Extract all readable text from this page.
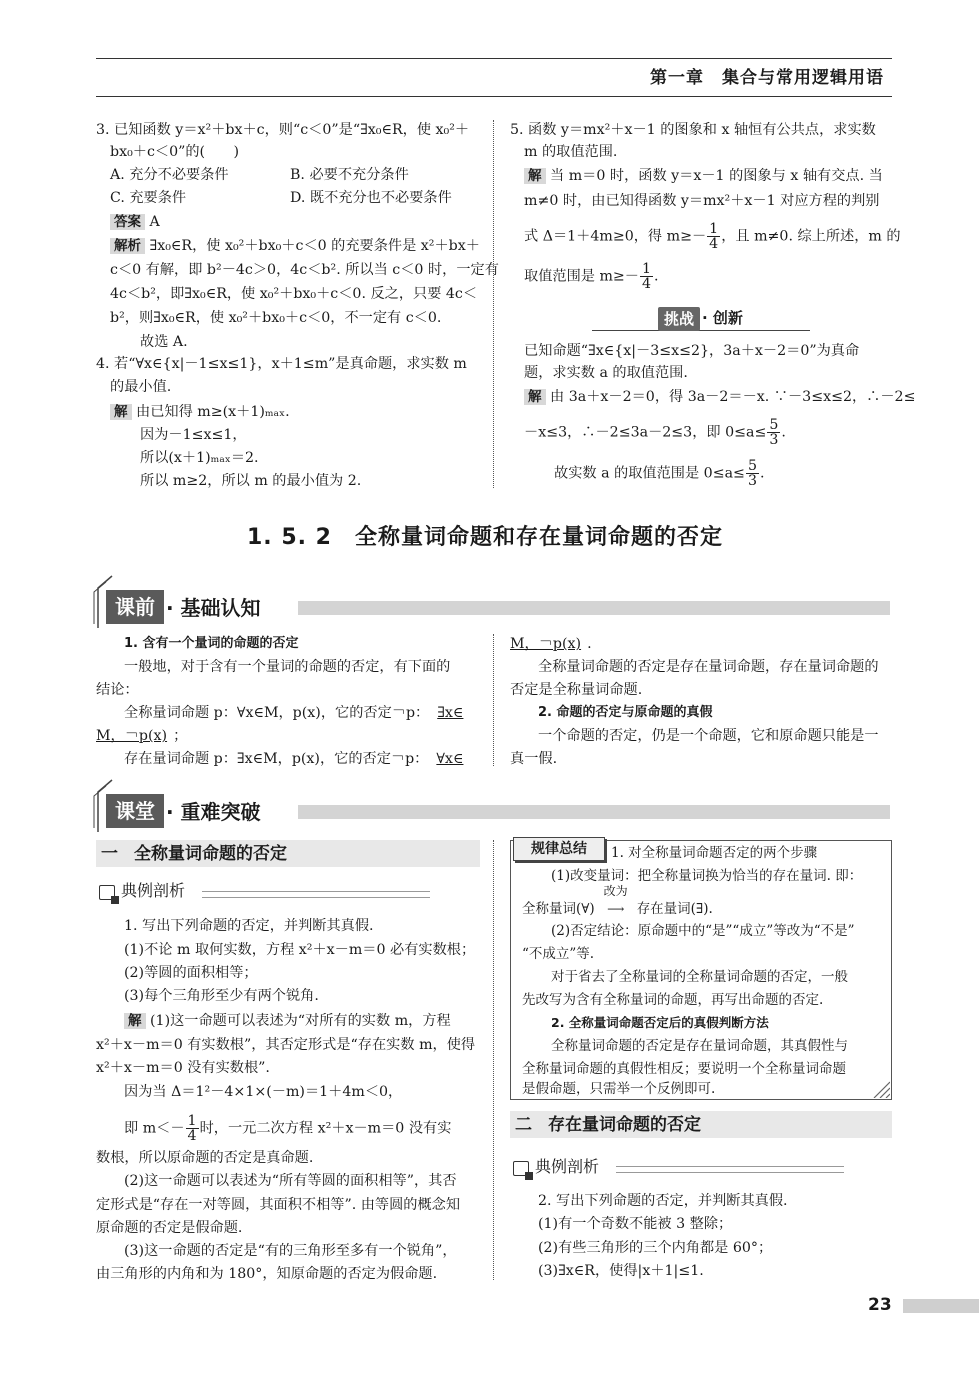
第一章　集合与常用逻辑用语
3. 已知函数 y＝x²＋bx＋c，则“c＜0”是“∃x₀∈R，使 x₀²＋
bx₀＋c＜0”的(　　)
A. 充分不必要条件	B. 必要不充分条件
C. 充要条件	D. 既不充分也不必要条件
答案 A
解析 ∃x₀∈R，使 x₀²＋bx₀＋c＜0 的充要条件是 x²＋bx＋
c＜0 有解，即 b²－4c＞0，4c＜b². 所以当 c＜0 时，一定有
4c＜b²，即∃x₀∈R，使 x₀²＋bx₀＋c＜0. 反之，只要 4c＜
b²，则∃x₀∈R，使 x₀²＋bx₀＋c＜0，不一定有 c＜0.
故选 A.
4. 若“∀x∈{x|－1≤x≤1}，x＋1≤m”是真命题，求实数 m
的最小值.
解 由已知得 m≥(x＋1)ₘₐₓ.
因为－1≤x≤1，
所以(x＋1)ₘₐₓ＝2.
所以 m≥2，所以 m 的最小值为 2.
5. 函数 y＝mx²＋x－1 的图象和 x 轴恒有公共点，求实数
m 的取值范围.
解 当 m＝0 时，函数 y＝x－1 的图象与 x 轴有交点. 当
m≠0 时，由已知得函数 y＝mx²＋x－1 对应方程的判别
式 Δ＝1＋4m≥0，得 $m\ge- \frac{1}{4}$ ，且 m≠0. 综上所述，m 的
取值范围是 $m\ge- \frac{1}{4}$ .
挑战 · 创新
已知命题“∃x∈{x|－3≤x≤2}，3a＋x－2＝0”为真命
题，求实数 a 的取值范围.
解 由 3a＋x－2＝0，得 3a－2＝－x. ∵－3≤x≤2，∴－2≤
－x≤3，∴－2≤3a－2≤3，即 $0\le a\le \frac{5}{3}$ .
故实数 a 的取值范围是 $0\le a\le \frac{5}{3}$ .
1. 5. 2　全称量词命题和存在量词命题的否定
课前 · 基础认知
1. 含有一个量词的命题的否定
一般地，对于含有一个量词的命题的否定，有下面的
结论：
全称量词命题 p：∀x∈M，p(x)，它的否定￢p： ∃x∈
M，￢p(x) ；
存在量词命题 p：∃x∈M，p(x)，它的否定￢p： ∀x∈
M，￢p(x) .
全称量词命题的否定是存在量词命题，存在量词命题的
否定是全称量词命题.
2. 命题的否定与原命题的真假
一个命题的否定，仍是一个命题，它和原命题只能是一
真一假.
课堂 · 重难突破
一 全称量词命题的否定
典例剖析
1. 写出下列命题的否定，并判断其真假.
(1)不论 m 取何实数，方程 x²＋x－m＝0 必有实数根；
(2)等圆的面积相等；
(3)每个三角形至少有两个锐角.
解 (1)这一命题可以表述为“对所有的实数 m，方程
x²＋x－m＝0 有实数根”，其否定形式是“存在实数 m，使得
x²＋x－m＝0 没有实数根”.
因为当 Δ＝1²－4×1×(－m)＝1＋4m＜0，
即 $m<- \frac{1}{4}$ 时，一元二次方程 x²＋x－m＝0 没有实
数根，所以原命题的否定是真命题.
(2)这一命题可以表述为“所有等圆的面积相等”，其否
定形式是“存在一对等圆，其面积不相等”. 由等圆的概念知
原命题的否定是假命题.
(3)这一命题的否定是“有的三角形至多有一个锐角”，
由三角形的内角和为 180°，知原命题的否定为假命题.
规律总结	1. 对全称量词命题否定的两个步骤
(1)改变量词：把全称量词换为恰当的存在量词. 即：
全称量词(∀)
改为
⟶ 存在量词(∃).
(2)否定结论：原命题中的“是”“成立”等改为“不是”
“不成立”等.
对于省去了全称量词的全称量词命题的否定，一般
先改写为含有全称量词的命题，再写出命题的否定.
2. 全称量词命题否定后的真假判断方法
全称量词命题的否定是存在量词命题，其真假性与
全称量词命题的真假性相反；要说明一个全称量词命题
是假命题，只需举一个反例即可.
二 存在量词命题的否定
典例剖析
2. 写出下列命题的否定，并判断其真假.
(1)有一个奇数不能被 3 整除；
(2)有些三角形的三个内角都是 60°；
(3)∃x∈R，使得|x＋1|≤1.
23
